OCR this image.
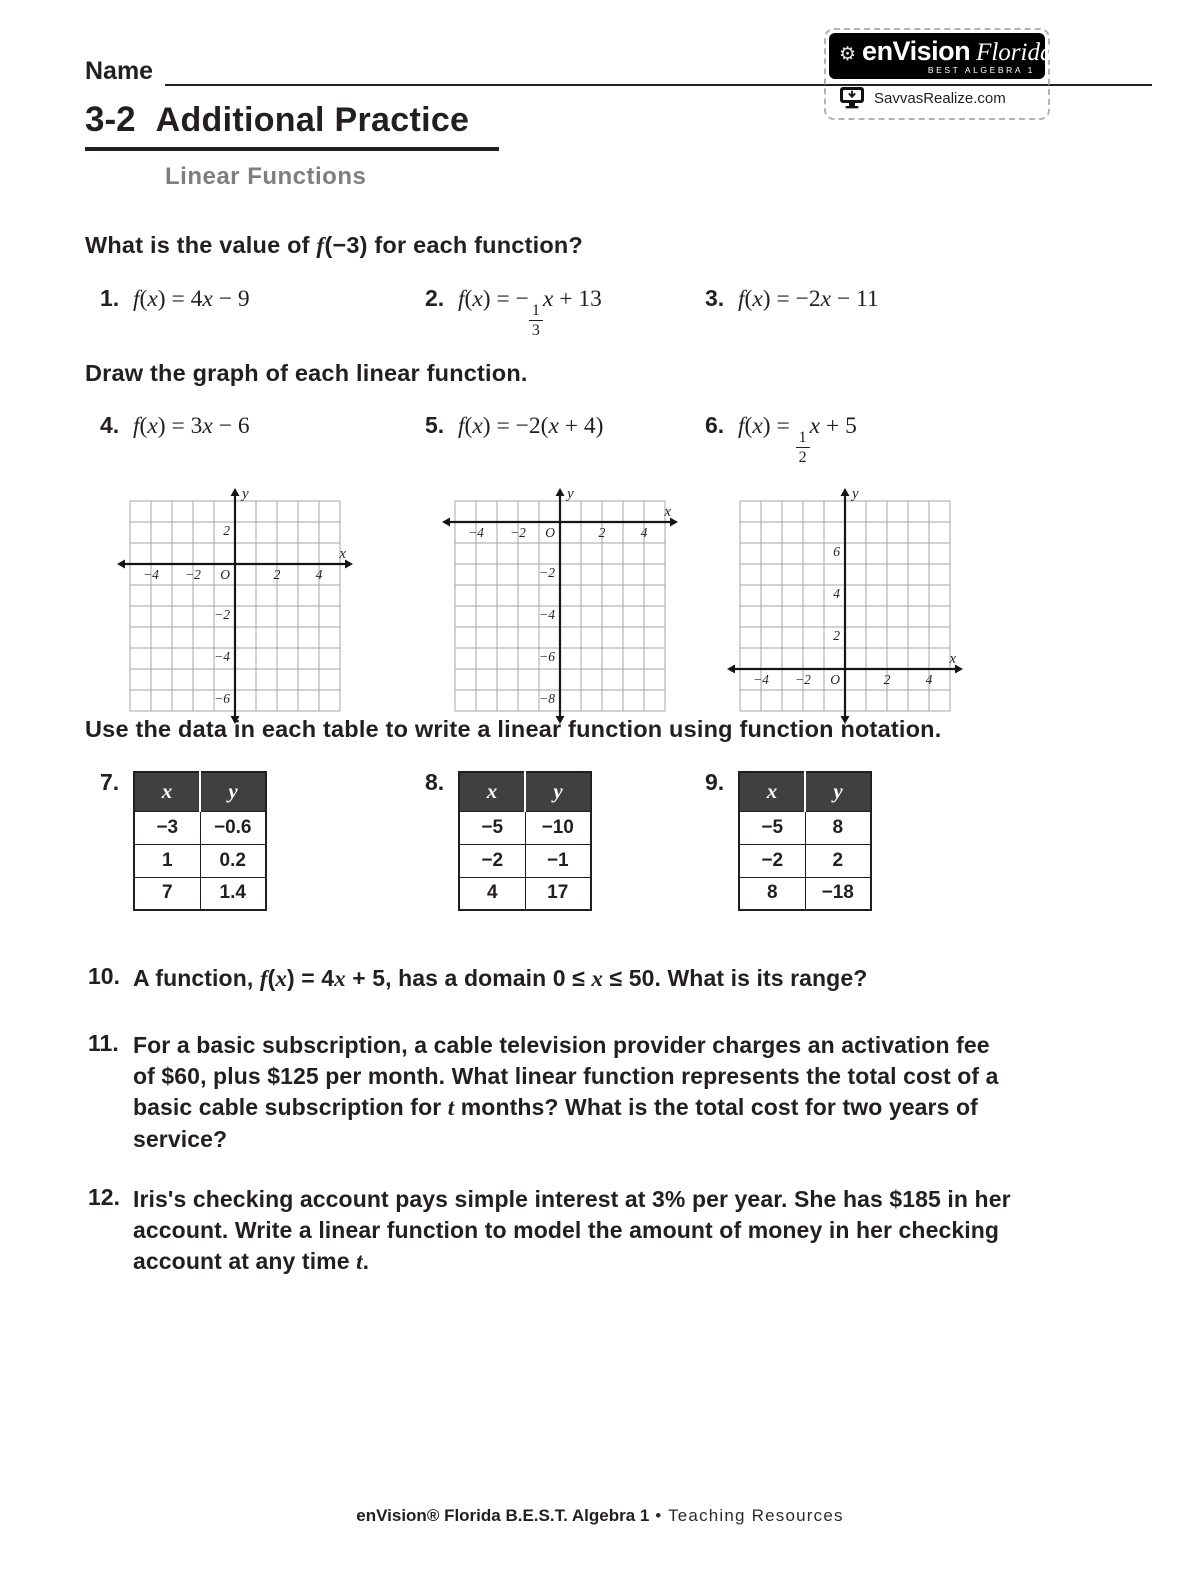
Name
⚙ enVision Florida
BEST ALGEBRA 1
SavvasRealize.com
3-2 Additional Practice
Linear Functions
What is the value of f(−3) for each function?
1. f(x) = 4x − 9	2. f(x) = −
$\frac{1}{3}$
x + 13	3. f(x) = −2x − 11
Draw the graph of each linear function.
4. f(x) = 3x − 6	5. f(x) = −2(x + 4)	6. f(x) =
$\frac{1}{2}$
x + 5
−4 −2	2	4
2
−2
−4
−6
O
x
y
−4 −2	2	4
−2
−4
−6
−8
O
x
y
−4 −2	2	4
6
4
2
O
x
y
Use the data in each table to write a linear function using function notation.
7.	x	y
−3	−0.6
1	0.2
7	1.4
8.	x	y
−5	−10
−2	−1
4	17
9.	x	y
−5	8
−2	2
8	−18
10. A function, f(x) = 4x + 5, has a domain 0 ≤ x ≤ 50. What is its range?
11. For a basic subscription, a cable television provider charges an activation fee of $60, plus $125 per month. What linear function represents the total cost of a basic cable subscription for t months? What is the total cost for two years of service?
12. Iris's checking account pays simple interest at 3% per year. She has $185 in her account. Write a linear function to model the amount of money in her checking account at any time t.
enVision® Florida B.E.S.T. Algebra 1 • Teaching Resources
